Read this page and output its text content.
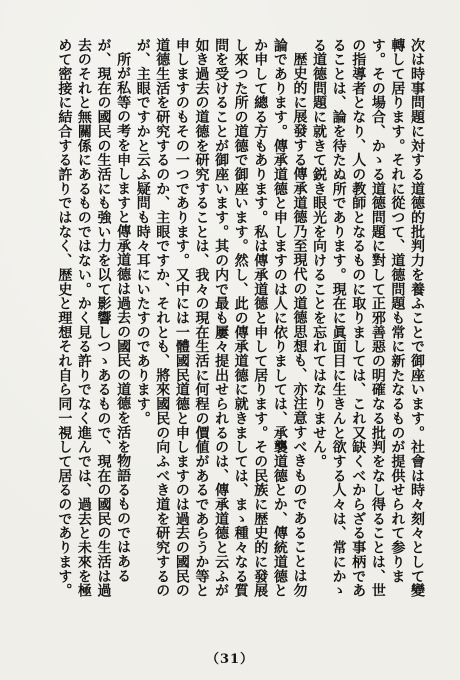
次は時事問題に対する道德的批判力を養ふことで御座います。社會は時々刻々として變轉して居ります。それに從つて、道德問題も常に新たなるものが提供せられて参ります。その場合、かゝる道德問題に對して正邪善惡の明確なる批判をなし得ることは、世の指導者となり、人の教師となるものに取りましては、これ又缺くべからざる事柄であることは、論を待たぬ所であります。現在に眞面目に生きんと欲する人々は、常にかゝる道德問題に就きて鋭き眼光を向けることを忘れてはなりません。

歴史的に展發する傳承道德乃至現代の道德思想も、亦注意すべきものであることは勿論であります。傳承道德と申しますのは人に依りましては、承襲道德とか、傳統道德とか申して總る方もあります。私は傳承道德と申して居ります。その民族に歴史的に發展し來つた所の道德で御座います。然し、此の傳承道德に就きましては、まゝ種々なる質問を受けることが御座います。其の内で最も屢々提出せられるのは、傳承道德と云ふが如き過去の道德を研究することは、我々の現在生活に何程の價値があるであらうか等と申しますのもその一つであります。又中には一體國民道德と申しますのは過去の國民の道德生活を研究するのか、主眼ですか、それとも、將來國民の向ふべき道を研究するのが、主眼ですかと云ふ疑問も時々耳にいたすのであります。

所が私等の考を申しますと傳承道德は過去の國民の道德を活を物語るものではあるが、現在の國民の生活にも強い力を以て影響しつゝあるもので、現在の國民の生活は過去のそれと無關係にあるものではない。かく見る許りでなく進んでは、過去と未來を極めて密接に結合する許りではなく、歴史と理想それ自ら同一視して居るのであります。

（31）
